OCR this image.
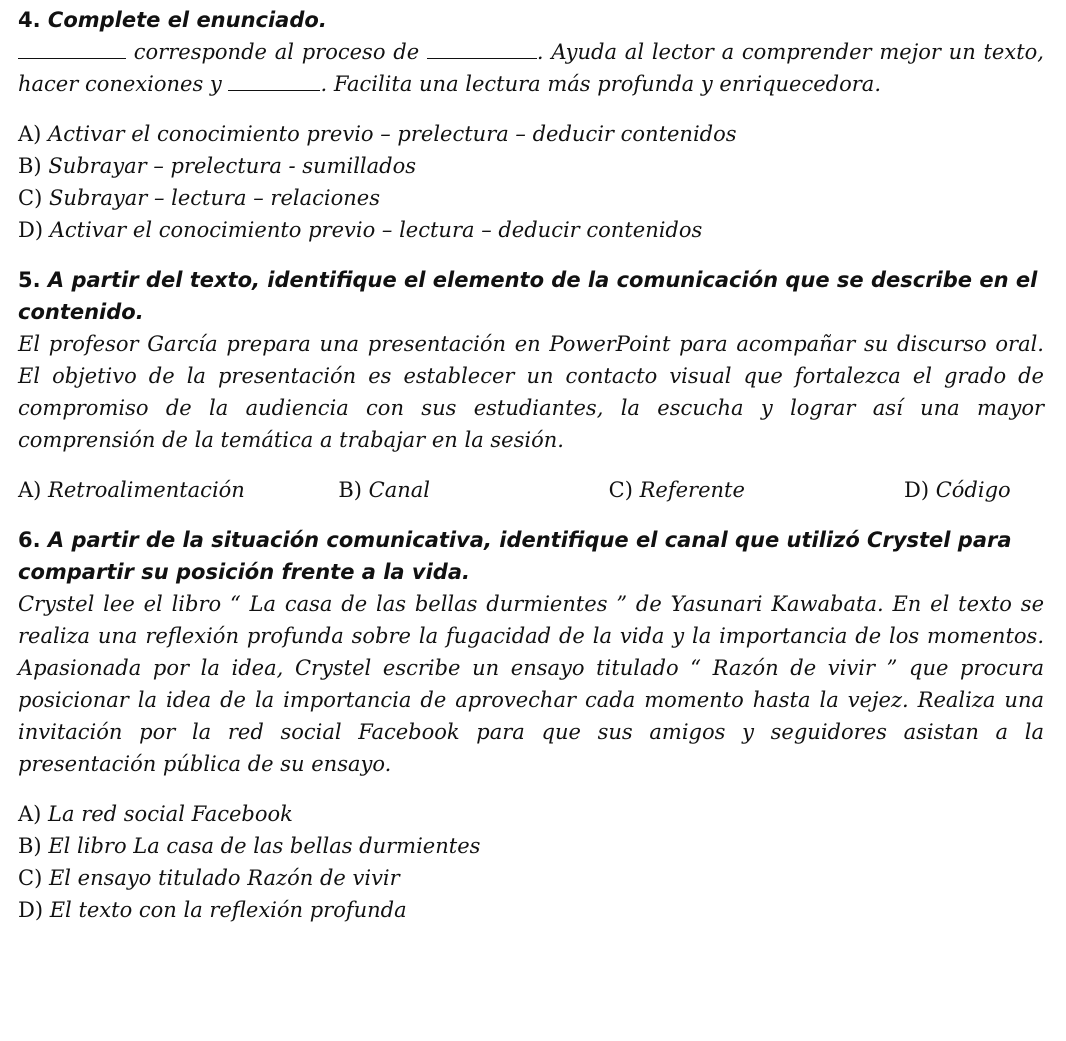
4. Complete el enunciado.

corresponde al proceso de	. Ayuda al lector a comprender mejor un texto, hacer conexiones y	. Facilita una lectura más profunda y enriquecedora.

A) Activar el conocimiento previo – prelectura – deducir contenidos
B) Subrayar – prelectura - sumillados
C) Subrayar – lectura – relaciones
D) Activar el conocimiento previo – lectura – deducir contenidos

5. A partir del texto, identifique el elemento de la comunicación que se describe en el contenido.

El profesor García prepara una presentación en PowerPoint para acompañar su discurso oral. El objetivo de la presentación es establecer un contacto visual que fortalezca el grado de compromiso de la audiencia con sus estudiantes, la escucha y lograr así una mayor comprensión de la temática a trabajar en la sesión.

A) Retroalimentación	B) Canal	C) Referente	D) Código

6. A partir de la situación comunicativa, identifique el canal que utilizó Crystel para compartir su posición frente a la vida.

Crystel lee el libro “ La casa de las bellas durmientes ” de Yasunari Kawabata. En el texto se realiza una reflexión profunda sobre la fugacidad de la vida y la importancia de los momentos. Apasionada por la idea, Crystel escribe un ensayo titulado “ Razón de vivir ” que procura posicionar la idea de la importancia de aprovechar cada momento hasta la vejez. Realiza una invitación por la red social Facebook para que sus amigos y seguidores asistan a la presentación pública de su ensayo.

A) La red social Facebook
B) El libro La casa de las bellas durmientes
C) El ensayo titulado Razón de vivir
D) El texto con la reflexión profunda
